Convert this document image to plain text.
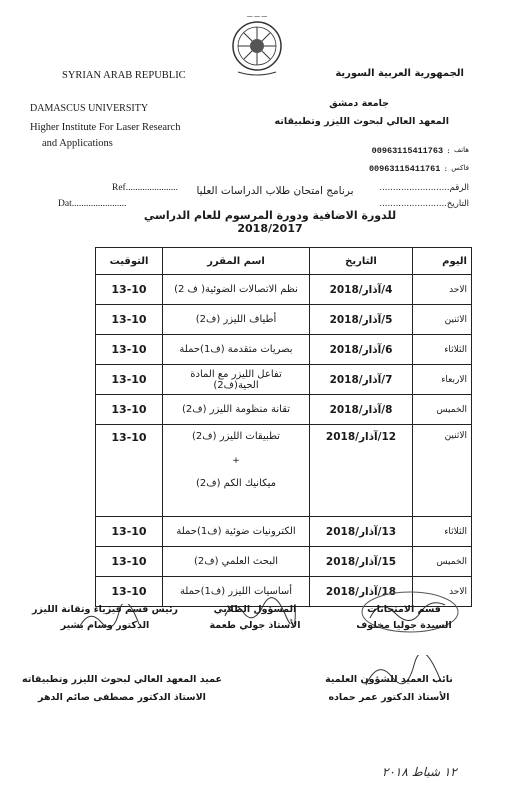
ـــ ـــ ـــ
SYRIAN ARAB REPUBLIC
DAMASCUS UNIVERSITY
Higher Institute For Laser Research
and Applications
الجمهورية العربية السورية
جامعة دمشق
المعهد العالي لبحوث الليزر وتطبيقاته
هاتف
:
00963115411763
فاكس
:
00963115411761
Ref......................
Dat.......................
الرقم..........................
التاريخ.........................
برنامج امتحان طلاب الدراسات العليا
للدورة الاضافية ودورة المرسوم للعام الدراسي 2018/2017
اليوم	التاريخ	اسم المقرر	التوقيت
الاحد	4/آذار/2018	نظم الاتصالات الضوئية( ف 2)	13-10
الاثنين	5/آذار/2018	أطياف الليزر (ف2)	13-10
الثلاثاء	6/آذار/2018	بصريات متقدمة (ف1)حملة	13-10
الاربعاء	7/آذار/2018	تفاعل الليزر مع المادة الحية(ف2)	13-10
الخميس	8/آذار/2018	تقانة منظومة الليزر (ف2)	13-10
الاثنين	12/آذار/2018	تطبيقات الليزر (ف2)
+
ميكانيك الكم (ف2)	13-10
الثلاثاء	13/آذار/2018	الكترونيات ضوئية (ف1)حملة	13-10
الخميس	15/آذار/2018	البحث العلمي (ف2)	13-10
الاحد	18/آذار/2018	أساسيات الليزر (ف1)حملة	13-10
قسم الامتحانات
السيدة جوليا مخلوف
المسؤول الطلابي
الأستاذ جولي طعمة
رئيس قسم فيزياء وتقانة الليزر
الدكتور وسام بشير
عميد المعهد العالي لبحوث الليزر وتطبيقاته
الاستاذ الدكتور مصطفى صائم الدهر
نائب العميد للشؤون العلمية
الأستاذ الدكتور عمر حماده
١٢ شباط ٢٠١٨
